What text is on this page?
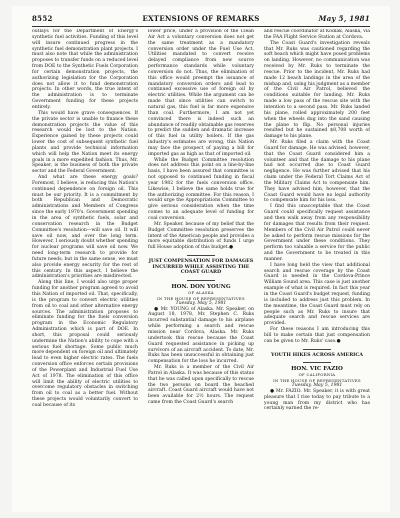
8552	EXTENSIONS OF REMARKS	May 5, 1981

outlays for the Department of Energy's synthetic fuel activities. Funding of this level will insure continued progress in the synthetic fuel demonstration plant projects. I must also note that while the administration proposes to transfer funds on a reduced level from DOE to the Synthetic Fuels Corporation for certain demonstration projects, the authorizing legislation for the Corporation does not allow it to fund demonstration projects. In other words, the true intent of the administration is to terminate Government funding for these projects entirely.

This would have grave consequences. If the private sector is unable to finance these demonstration projects the value of this research would be lost to the Nation. Experience gained by these projects could lower the cost of subsequent synthetic fuel plants and provide technical information which will help the Nation meet its energy goals in a more expedited fashion. Thus, Mr. Speaker, is the business of both the private sector and the Federal Government.

And what are these energy goals? Foremost, I believe, is reducing this Nation's continued dependence on foreign oil. This must be our priority. It is a commitment by both Republican and Democratic administrations and Members of Congress since the early 1970's. Government spending in the area of synthetic fuels, solar and conservation research in the Budget Committee's resolution—will save oil. It will save oil now, and over the long term. However, I seriously doubt whether spending for nuclear programs will save oil now. We need long-term research to provide for future needs, but in the same sense, we must also provide energy security for the rest of this century. In this aspect, I believe the administration's priorities are misdirected.

Along this line, I would also urge proper funding for another program agreed to avoid this Nation of imported oil. That, specifically, is the program to convert electric utilities from oil to coal and other alternative energy sources. The administration proposes to eliminate funding for the fuels conversion program in the Economic Regulatory Administration which is part of DOE. In short, this proposal could seriously undermine the Nation's ability to cope with a serious fuel shortage. Some public much more dependent on foreign oil and ultimately lead to even higher electric rates. The fuels conversion office enforces certain provisions of the Powerplant and Industrial Fuel Use Act of 1978. The elimination of this office will limit the ability of electric utilities to overcome regulatory obstacles in switching from oil to coal as a better fuel. Without these projects would voluntarily convert to coal because of its

lower price, under a provision of the Clean Air Act a voluntary conversion does not get the same treatment as a mandatory conversion order under the Fuel Use Act. Utilities mandated to convert receive delayed compliance from new source performance standards while voluntary conversion do not. Thus, the elimination of this office would preempt the issuance of mandatory conversion orders and lead to continued excessive use of foreign oil by electric utilities. While the argument can be made that since utilities can switch to natural gas, this fuel is far more expensive than coal. Furthermore, I am not yet convinced there is indeed such an abundance of readily obtainable gas reserves to predict the sudden and dramatic increase of this fuel in utility boilers. If the gas industry's estimates are wrong, this Nation may face the prospect of paying a bill for imported gas as high as that of imported oil.

While the Budget Committee resolution does not address this point on a line-by-line basis, I have been assured that committee is not opposed to continued funding in fiscal year 1982 for the fuels conversion office. Likewise, I believe the same holds true for the authorizing committee. For this reason, I would urge the Appropriations Committee to give serious consideration when the time comes to an adequate level of funding for coal conversion.

Mr. Speaker, because of my belief that the Budget Committee resolution preserves the intent of the American people and provides a more equitable distribution of funds I urge full House adoption of this budget.●

JUST COMPENSATION FOR DAMAGES INCURRED WHILE ASSISTING THE COAST GUARD
HON. DON YOUNG
OF ALASKA
IN THE HOUSE OF REPRESENTATIVES
Tuesday, May 5, 1981

● Mr. YOUNG of Alaska. Mr. Speaker, on August 18, 1978, Mr. Stephen C. Ruks incurred substantial damage to his airplane while performing a search and rescue mission near Cordova, Alaska. Mr. Ruks undertook this rescue because the Coast Guard requested assistance in picking up survivors of an aircraft accident. To date, Mr. Ruks has been unsuccessful in obtaining just compensation for the loss he incurred.

Mr. Ruks is a member of the Civil Air Patrol in Alaska. It was because of this status that he was called upon specifically to rescue the two persons on board the beached aircraft. Coast Guard aircraft would have not been available for 2½ hours. The request came from the Coast Guard's search

and rescue coordinator at Kodiak, Alaska, via the FAA Flight Service Station at Cordova.

The Coast Guard's investigation reveals that Mr. Ruks was cautioned regarding the soft beach which might have posed problems on landing. However, no communication was received by Mr. Ruks to terminate the rescue. Prior to the incident, Mr. Ruks had made 12 beach landings in the area of the mishap and, using his judgment as a member of the Civil Air Patrol, believed the conditions suitable for landing. Mr. Ruks made a low pass of the rescue site with the intention to a second pass. Mr. Ruks landed his plane, rolled approximately 200 feet when the wheels dug into the sand causing the plane to flip. No personal injuries resulted but he sustained $8,708 worth of damage to his plane.

Mr. Ruks filed a claim with the Coast Guard for damage. He was advised, however, that the Coast Guard considered him a volunteer and that the damage to his plane had not occurred due to Coast Guard negligence. He was further advised that his claim under the Federal Tort Claims Act of the Military Claims Act to compensate him. They have advised him, however, that the Coast Guard would have no legal authority to compensate him for his loss.

I find this unacceptable that the Coast Guard could specifically request assistance and then walk away from any responsibility for damages that results from their request. Members of the Civil Air Patrol could never be asked to perform rescue missions for the Government under these conditions. They perform too valuable a service for the public and the Government to be treated in this manner.

I have long held the view that additional search and rescue coverage by the Coast Guard is needed in the Cordova-Prince William Sound area. This case is just another example of what is required. In fact this year in the Coast Guard's budget request, funding is included to address just this problem. In the meantime, the Coast Guard must rely on people such as Mr. Ruks to insure that adequate search and rescue services are provided.

For these reasons I am introducing this bill to make certain that just compensation can be given to Mr. Ruks' case.●

YOUTH HIKES ACROSS AMERICA
HON. VIC FAZIO
OF CALIFORNIA
IN THE HOUSE OF REPRESENTATIVES
Tuesday, May 5, 1981

● Mr. FAZIO. Mr. Speaker, it is with great pleasure that I rise today to pay tribute to a young man from my district who has certainly earned the re-
